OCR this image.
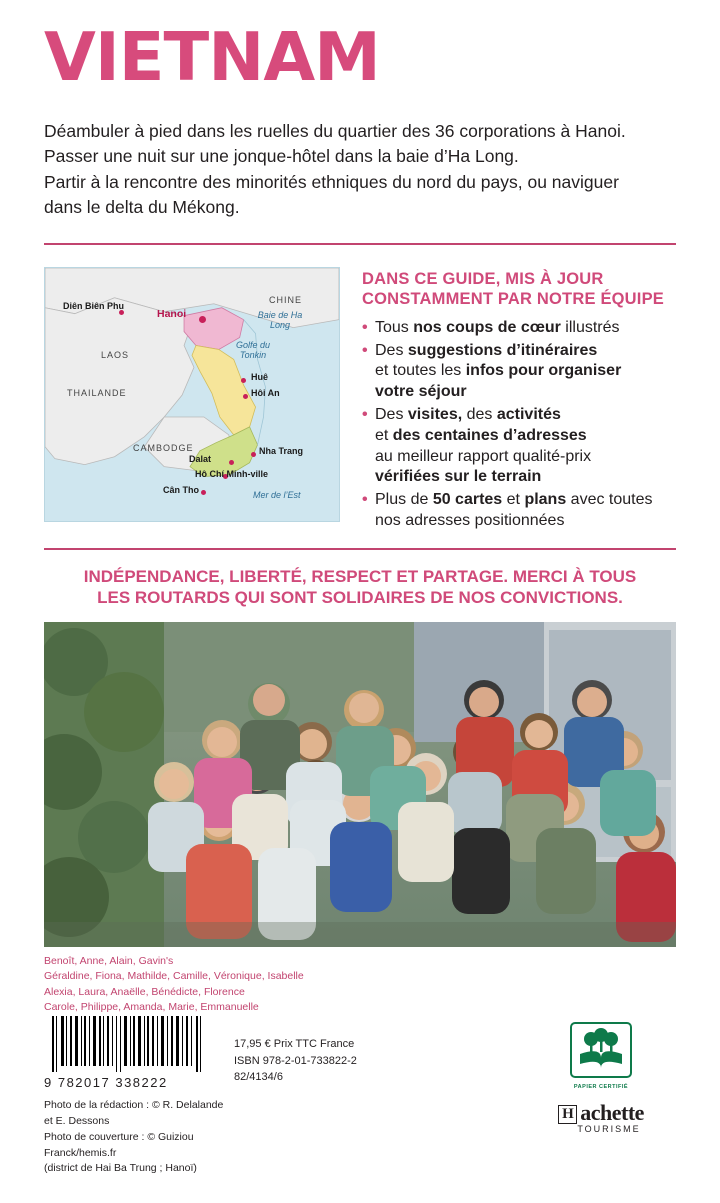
VIETNAM
Déambuler à pied dans les ruelles du quartier des 36 corporations à Hanoi.
Passer une nuit sur une jonque-hôtel dans la baie d’Ha Long.
Partir à la rencontre des minorités ethniques du nord du pays, ou naviguer
dans le delta du Mékong.
CHINE
LAOS
THAILANDE
CAMBODGE
Baie de Ha Long
Golfe du Tonkin
Mer de l’Est
Diên Biên Phu
Hanoi
Huê
Hôi An
Nha Trang
Dalat
Hô Chí Minh-ville
Cân Tho
DANS CE GUIDE, MIS À JOUR
CONSTAMMENT PAR NOTRE ÉQUIPE
• Tous nos coups de cœur illustrés
• Des suggestions d’itinéraires
et toutes les infos pour organiser
votre séjour
• Des visites, des activités
et des centaines d’adresses
au meilleur rapport qualité-prix
vérifiées sur le terrain
• Plus de 50 cartes et plans avec toutes
nos adresses positionnées
INDÉPENDANCE, LIBERTÉ, RESPECT ET PARTAGE. MERCI À TOUS
LES ROUTARDS QUI SONT SOLIDAIRES DE NOS CONVICTIONS.
Benoît, Anne, Alain, Gavin's
Géraldine, Fiona, Mathilde, Camille, Véronique, Isabelle
Alexia, Laura, Anaëlle, Bénédicte, Florence
Carole, Philippe, Amanda, Marie, Emmanuelle
9 782017 338222
Photo de la rédaction : © R. Delalande et E. Dessons
Photo de couverture : © Guiziou Franck/hemis.fr
(district de Hai Ba Trung ; Hanoï)
17,95 € Prix TTC France
ISBN 978-2-01-733822-2
82/4134/6
PAPIER CERTIFIÉ
H achette
TOURISME
